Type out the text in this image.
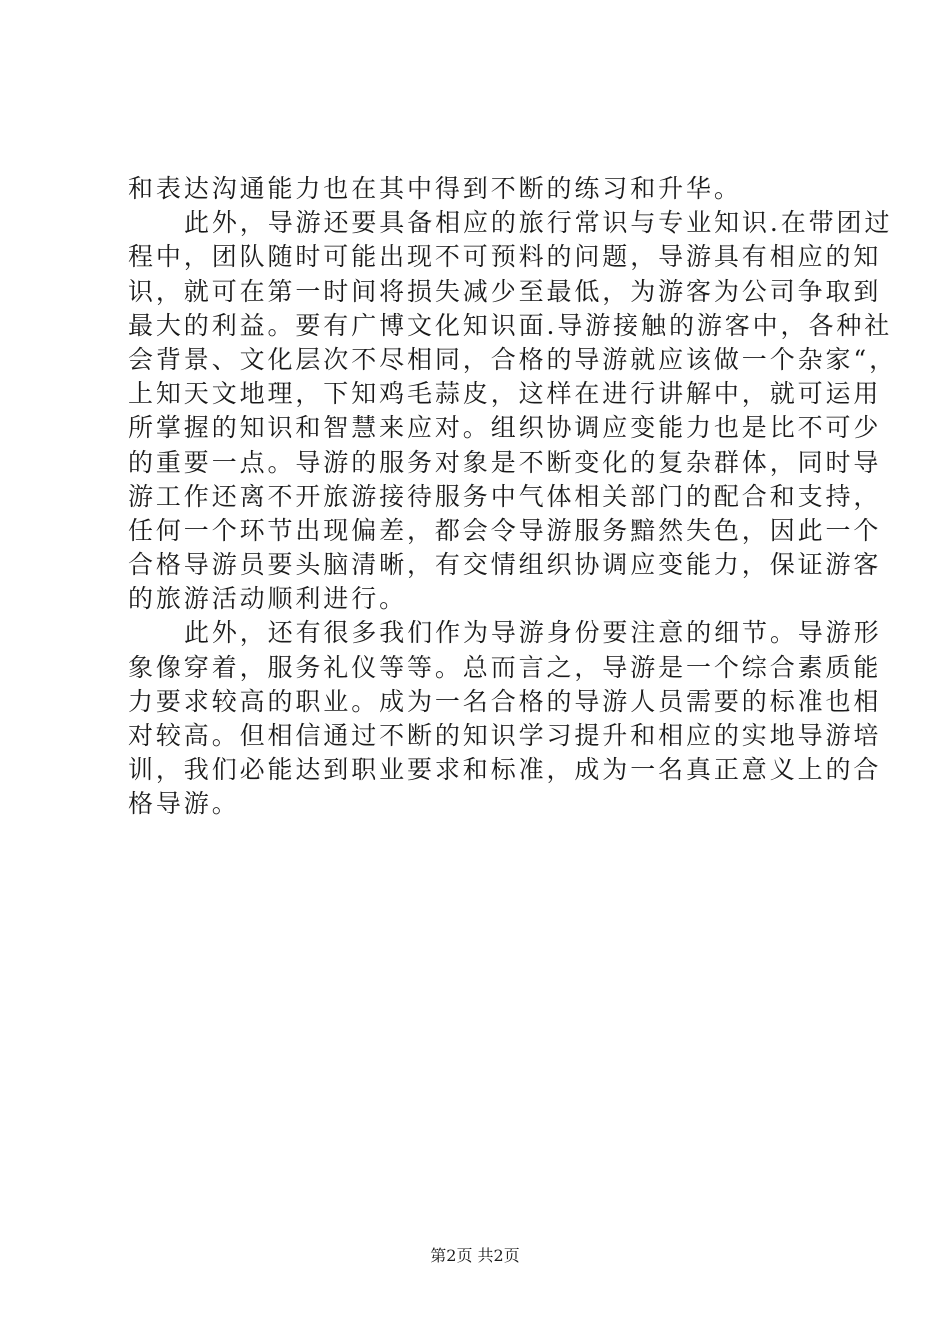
和表达沟通能力也在其中得到不断的练习和升华。
此外，导游还要具备相应的旅行常识与专业知识.在带团过
程中，团队随时可能出现不可预料的问题，导游具有相应的知
识，就可在第一时间将损失减少至最低，为游客为公司争取到
最大的利益。要有广博文化知识面.导游接触的游客中，各种社
会背景、文化层次不尽相同，合格的导游就应该做一个杂家“，
上知天文地理，下知鸡毛蒜皮，这样在进行讲解中，就可运用
所掌握的知识和智慧来应对。组织协调应变能力也是比不可少
的重要一点。导游的服务对象是不断变化的复杂群体，同时导
游工作还离不开旅游接待服务中气体相关部门的配合和支持，
任何一个环节出现偏差，都会令导游服务黯然失色，因此一个
合格导游员要头脑清晰，有交情组织协调应变能力，保证游客
的旅游活动顺利进行。
此外，还有很多我们作为导游身份要注意的细节。导游形
象像穿着，服务礼仪等等。总而言之，导游是一个综合素质能
力要求较高的职业。成为一名合格的导游人员需要的标准也相
对较高。但相信通过不断的知识学习提升和相应的实地导游培
训，我们必能达到职业要求和标准，成为一名真正意义上的合
格导游。
第2页 共2页
